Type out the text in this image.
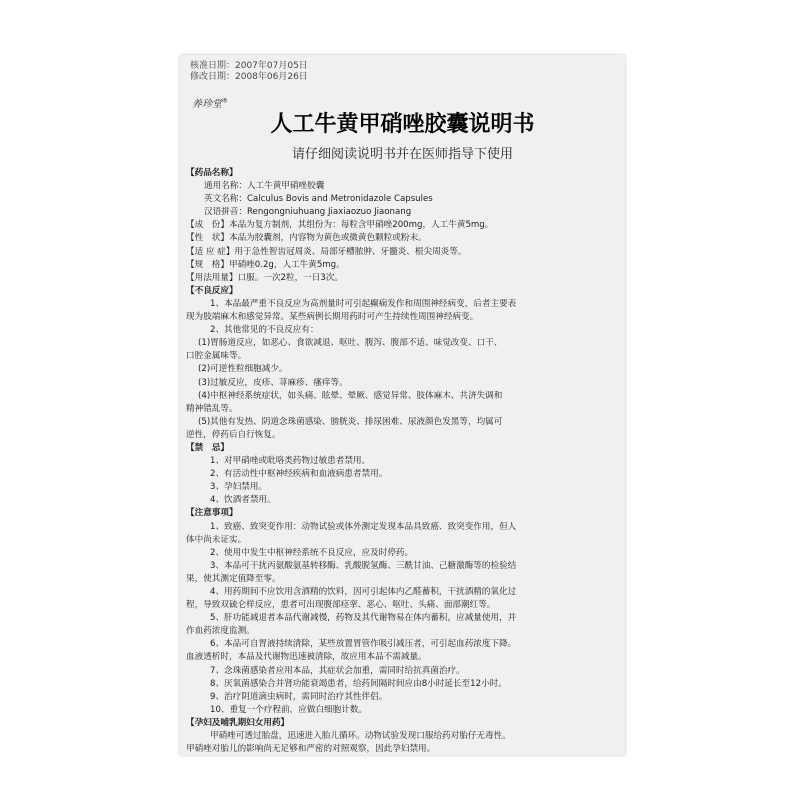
核准日期：2007年07月05日
修改日期：2008年06月26日
养珍堂®
人工牛黄甲硝唑胶囊说明书
请仔细阅读说明书并在医师指导下使用
【药品名称】
通用名称：人工牛黄甲硝唑胶囊
英文名称：Calculus Bovis and Metronidazole Capsules
汉语拼音：Rengongniuhuang Jiaxiaozuo Jiaonang
【成　份】本品为复方制剂，其组份为：每粒含甲硝唑200mg，人工牛黄5mg。
【性　状】本品为胶囊剂，内容物为黄色或微黄色颗粒或粉末。
【适 应 症】用于急性智齿冠周炎、局部牙槽脓肿、牙髓炎、根尖周炎等。
【规　格】甲硝唑0.2g，人工牛黄5mg。
【用法用量】口服。一次2粒，一日3次。
【不良反应】
1、本品最严重不良反应为高剂量时可引起癫痫发作和周围神经病变，后者主要表
现为肢端麻木和感觉异常。某些病例长期用药时可产生持续性周围神经病变。
2、其他常见的不良反应有：
(1)胃肠道反应，如恶心、食欲减退、呕吐、腹泻、腹部不适、味觉改变、口干、
口腔金属味等。
(2)可逆性粒细胞减少。
(3)过敏反应，皮疹、荨麻疹、瘙痒等。
(4)中枢神经系统症状，如头痛、眩晕、晕厥、感觉异常、肢体麻木、共济失调和
精神错乱等。
(5)其他有发热、阴道念珠菌感染、膀胱炎、排尿困难、尿液颜色发黑等，均属可
逆性，停药后自行恢复。
【禁　忌】
1、对甲硝唑或吡咯类药物过敏患者禁用。
2、有活动性中枢神经疾病和血液病患者禁用。
3、孕妇禁用。
4、饮酒者禁用。
【注意事项】
1、致癌、致突变作用：动物试验或体外测定发现本品具致癌、致突变作用，但人
体中尚未证实。
2、使用中发生中枢神经系统不良反应，应及时停药。
3、本品可干扰丙氨酸氨基转移酶、乳酸脱氢酶、三酰甘油、己糖激酶等的检验结
果，使其测定值降至零。
4、用药期间不应饮用含酒精的饮料，因可引起体内乙醛蓄积，干扰酒精的氧化过
程，导致双硫仑样反应，患者可出现腹部痉挛、恶心、呕吐、头痛、面部潮红等。
5、肝功能减退者本品代谢减慢，药物及其代谢物易在体内蓄积，应减量使用，并
作血药浓度监测。
6、本品可自胃液持续清除，某些放置胃管作吸引减压者，可引起血药浓度下降。
血液透析时，本品及代谢物迅速被清除，故应用本品不需减量。
7、念珠菌感染者应用本品，其症状会加重，需同时给抗真菌治疗。
8、厌氧菌感染合并肾功能衰竭患者，给药间隔时间应由8小时延长至12小时。
9、治疗阴道滴虫病时，需同时治疗其性伴侣。
10、重复一个疗程前，应做白细胞计数。
【孕妇及哺乳期妇女用药】
甲硝唑可透过胎盘，迅速进入胎儿循环。动物试验发现口服给药对胎仔无毒性。
甲硝唑对胎儿的影响尚无足够和严密的对照观察，因此孕妇禁用。
